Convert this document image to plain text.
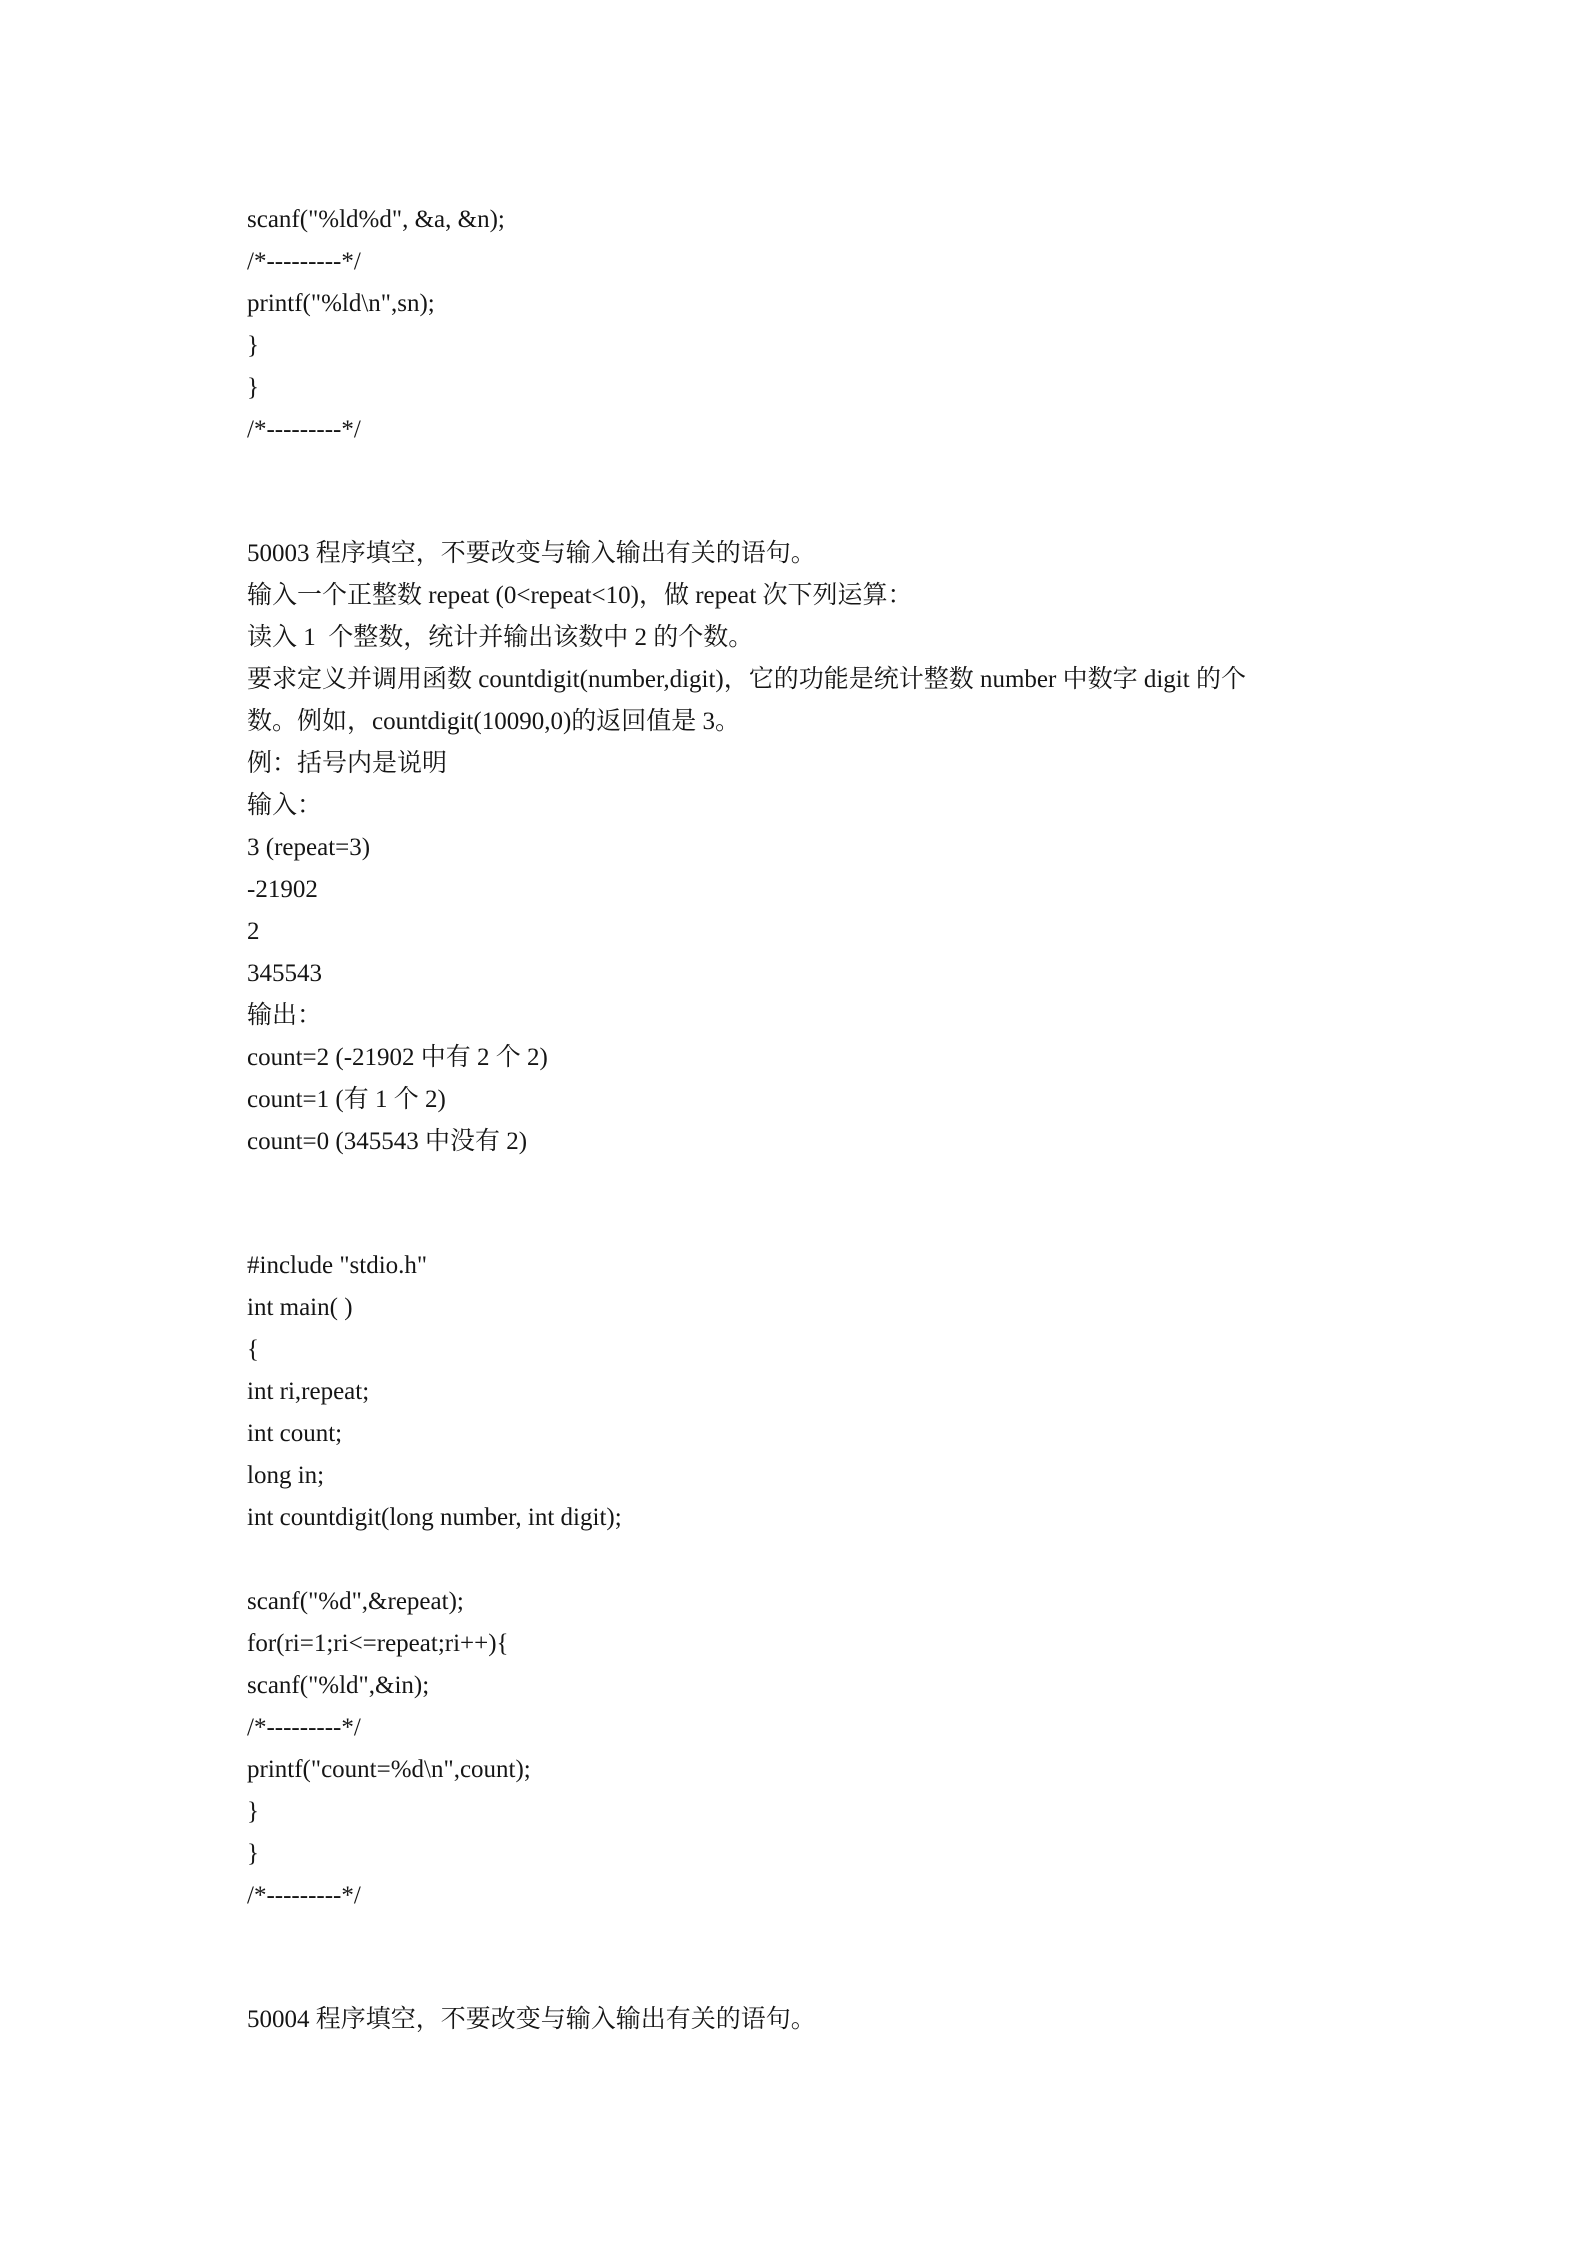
scanf("%ld%d", &a, &n);
/*---------*/
printf("%ld\n",sn);
}
}
/*---------*/
50003 程序填空，不要改变与输入输出有关的语句。
输入一个正整数 repeat (0<repeat<10)，做 repeat 次下列运算：
读入 1  个整数，统计并输出该数中 2 的个数。
要求定义并调用函数 countdigit(number,digit)，它的功能是统计整数 number 中数字 digit 的个
数。例如，countdigit(10090,0)的返回值是 3。
例：括号内是说明
输入：
3 (repeat=3)
-21902
2
345543
输出：
count=2 (-21902 中有 2 个 2)
count=1 (有 1 个 2)
count=0 (345543 中没有 2)
#include "stdio.h"
int main( )
{
int ri,repeat;
int count;
long in;
int countdigit(long number, int digit);
scanf("%d",&repeat);
for(ri=1;ri<=repeat;ri++){
scanf("%ld",&in);
/*---------*/
printf("count=%d\n",count);
}
}
/*---------*/
50004 程序填空，不要改变与输入输出有关的语句。
